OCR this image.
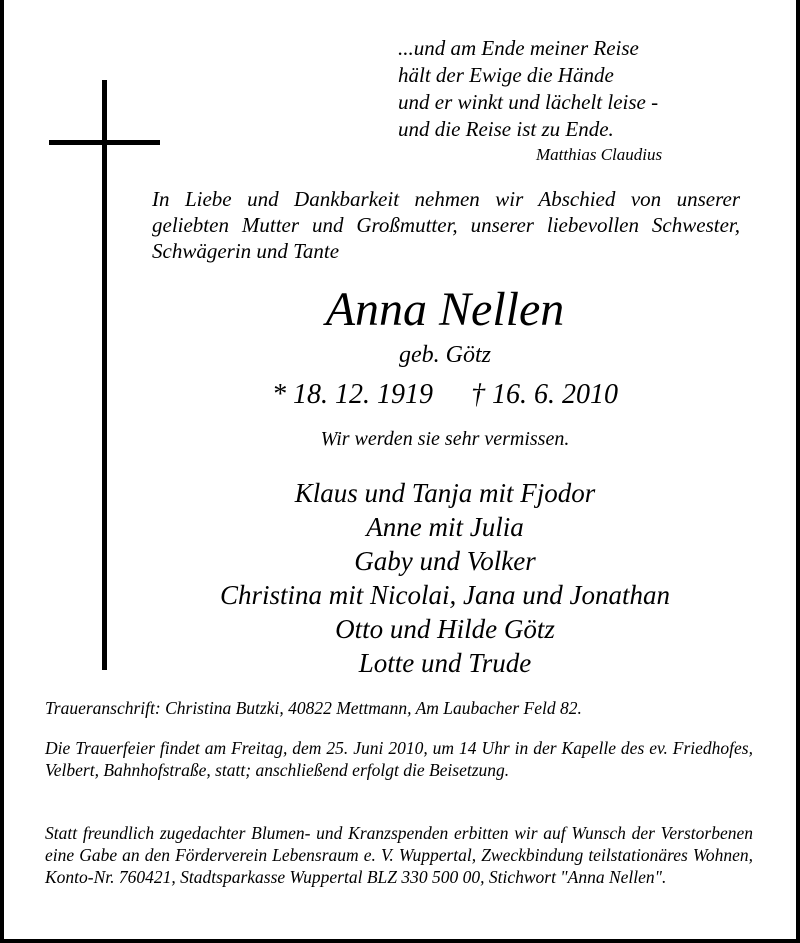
...und am Ende meiner Reise
hält der Ewige die Hände
und er winkt und lächelt leise -
und die Reise ist zu Ende.
Matthias Claudius
In Liebe und Dankbarkeit nehmen wir Abschied von unserer geliebten Mutter und Großmutter, unserer liebevollen Schwester, Schwägerin und Tante
Anna Nellen
geb. Götz
* 18. 12. 1919 † 16. 6. 2010
Wir werden sie sehr vermissen.
Klaus und Tanja mit Fjodor
Anne mit Julia
Gaby und Volker
Christina mit Nicolai, Jana und Jonathan
Otto und Hilde Götz
Lotte und Trude
Traueranschrift: Christina Butzki, 40822 Mettmann, Am Laubacher Feld 82.
Die Trauerfeier findet am Freitag, dem 25. Juni 2010, um 14 Uhr in der Kapelle des ev. Friedhofes, Velbert, Bahnhofstraße, statt; anschließend erfolgt die Beisetzung.
Statt freundlich zugedachter Blumen- und Kranzspenden erbitten wir auf Wunsch der Verstorbenen eine Gabe an den Förderverein Lebensraum e. V. Wuppertal, Zweckbindung teilstationäres Wohnen, Konto-Nr. 760421, Stadtsparkasse Wuppertal BLZ 330 500 00, Stichwort "Anna Nellen".
